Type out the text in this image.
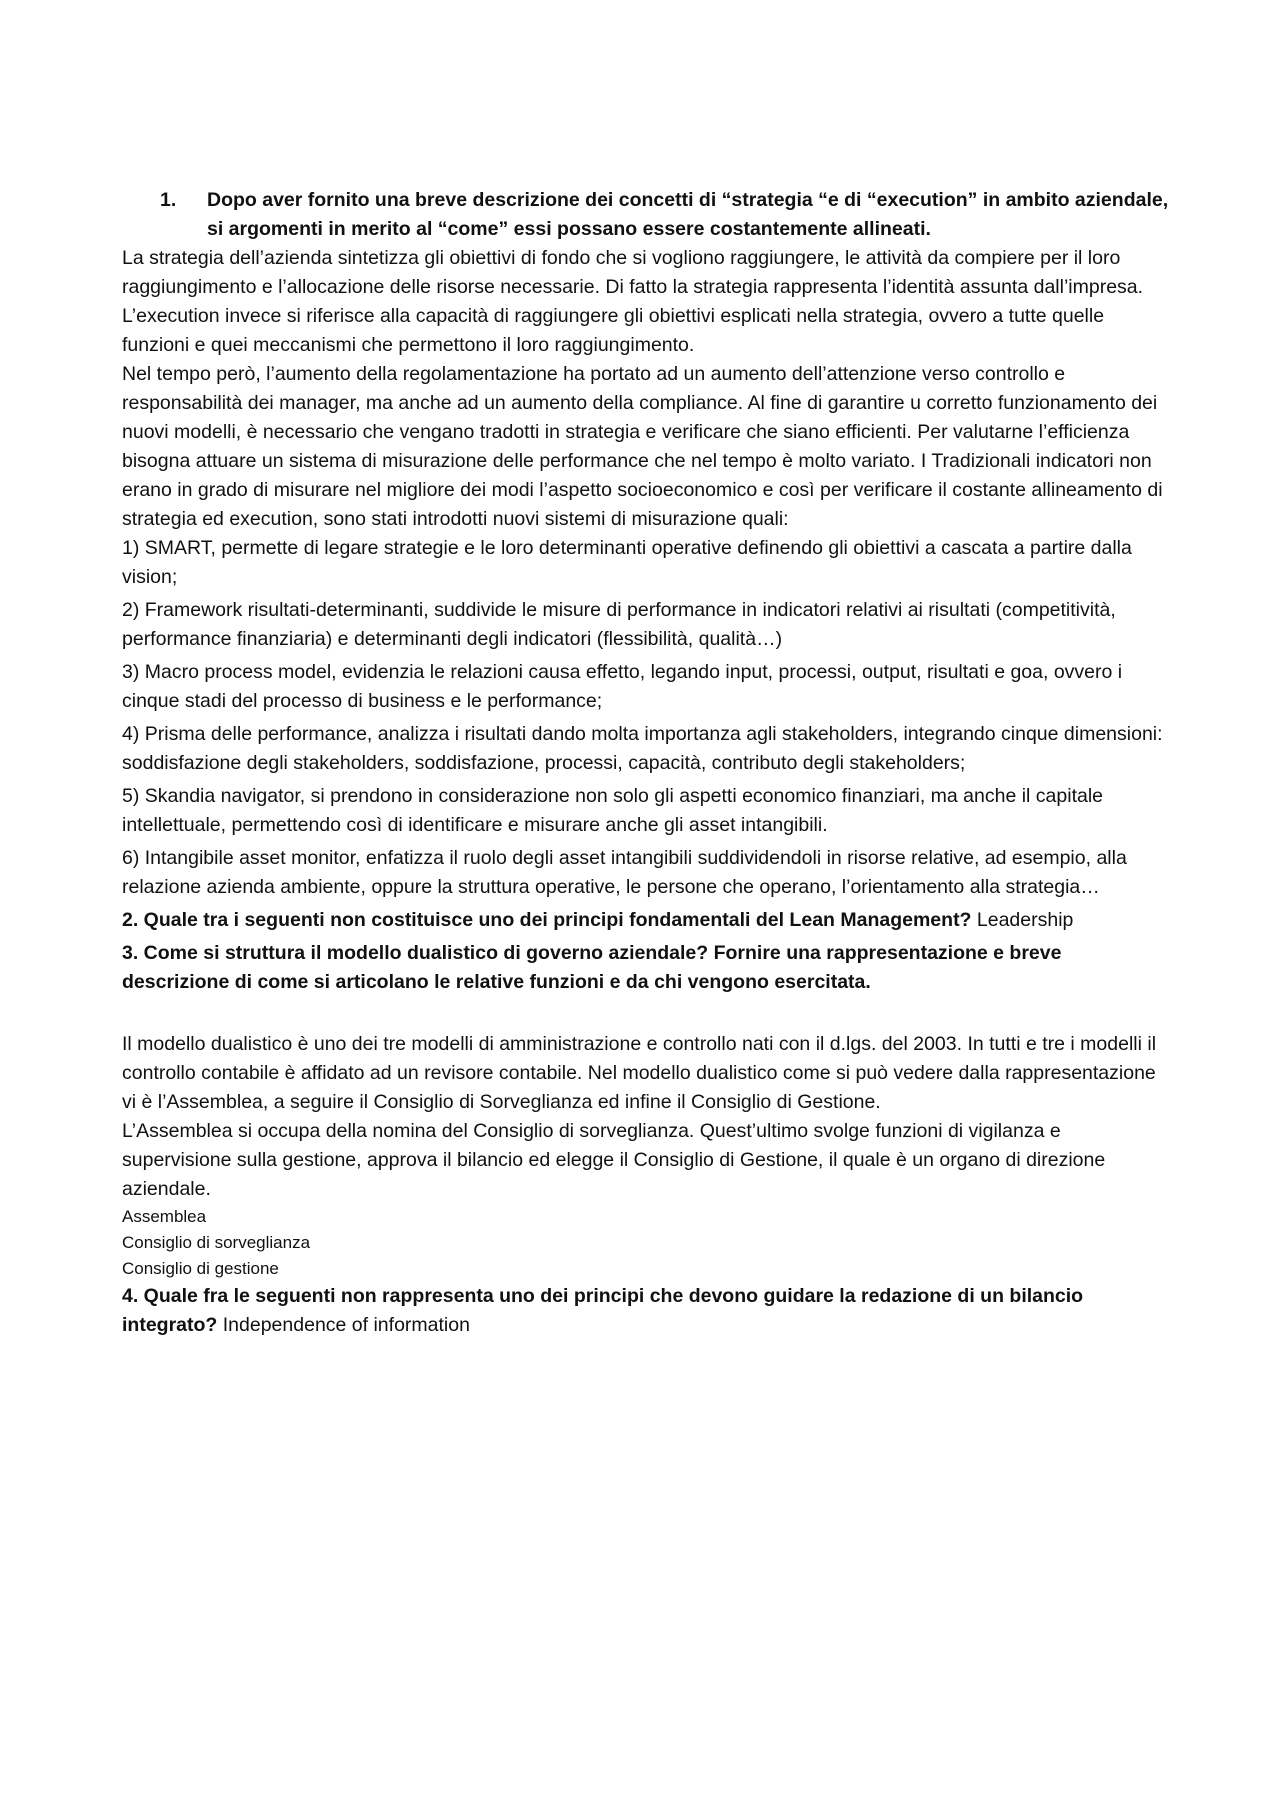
1. Dopo aver fornito una breve descrizione dei concetti di “strategia “e di “execution” in ambito aziendale, si argomenti in merito al “come” essi possano essere costantemente allineati.

La strategia dell’azienda sintetizza gli obiettivi di fondo che si vogliono raggiungere, le attività da compiere per il loro raggiungimento e l’allocazione delle risorse necessarie. Di fatto la strategia rappresenta l’identità assunta dall’impresa. L’execution invece si riferisce alla capacità di raggiungere gli obiettivi esplicati nella strategia, ovvero a tutte quelle funzioni e quei meccanismi che permettono il loro raggiungimento.

Nel tempo però, l’aumento della regolamentazione ha portato ad un aumento dell’attenzione verso controllo e responsabilità dei manager, ma anche ad un aumento della compliance. Al fine di garantire u corretto funzionamento dei nuovi modelli, è necessario che vengano tradotti in strategia e verificare che siano efficienti. Per valutarne l’efficienza bisogna attuare un sistema di misurazione delle performance che nel tempo è molto variato. I Tradizionali indicatori non erano in grado di misurare nel migliore dei modi l’aspetto socioeconomico e così per verificare il costante allineamento di strategia ed execution, sono stati introdotti nuovi sistemi di misurazione quali:

1) SMART, permette di legare strategie e le loro determinanti operative definendo gli obiettivi a cascata a partire dalla vision;

2) Framework risultati-determinanti, suddivide le misure di performance in indicatori relativi ai risultati (competitività, performance finanziaria) e determinanti degli indicatori (flessibilità, qualità…)

3) Macro process model, evidenzia le relazioni causa effetto, legando input, processi, output, risultati e goa, ovvero i cinque stadi del processo di business e le performance;

4) Prisma delle performance, analizza i risultati dando molta importanza agli stakeholders, integrando cinque dimensioni: soddisfazione degli stakeholders, soddisfazione, processi, capacità, contributo degli stakeholders;

5) Skandia navigator, si prendono in considerazione non solo gli aspetti economico finanziari, ma anche il capitale intellettuale, permettendo così di identificare e misurare anche gli asset intangibili.

6) Intangibile asset monitor, enfatizza il ruolo degli asset intangibili suddividendoli in risorse relative, ad esempio, alla relazione azienda ambiente, oppure la struttura operative, le persone che operano, l’orientamento alla strategia…

2. Quale tra i seguenti non costituisce uno dei principi fondamentali del Lean Management? Leadership

3. Come si struttura il modello dualistico di governo aziendale? Fornire una rappresentazione e breve descrizione di come si articolano le relative funzioni e da chi vengono esercitata.

Il modello dualistico è uno dei tre modelli di amministrazione e controllo nati con il d.lgs. del 2003. In tutti e tre i modelli il controllo contabile è affidato ad un revisore contabile. Nel modello dualistico come si può vedere dalla rappresentazione vi è l’Assemblea, a seguire il Consiglio di Sorveglianza ed infine il Consiglio di Gestione.

L’Assemblea si occupa della nomina del Consiglio di sorveglianza. Quest’ultimo svolge funzioni di vigilanza e supervisione sulla gestione, approva il bilancio ed elegge il Consiglio di Gestione, il quale è un organo di direzione aziendale.

Assemblea

Consiglio di sorveglianza

Consiglio di gestione

4. Quale fra le seguenti non rappresenta uno dei principi che devono guidare la redazione di un bilancio integrato? Independence of information
